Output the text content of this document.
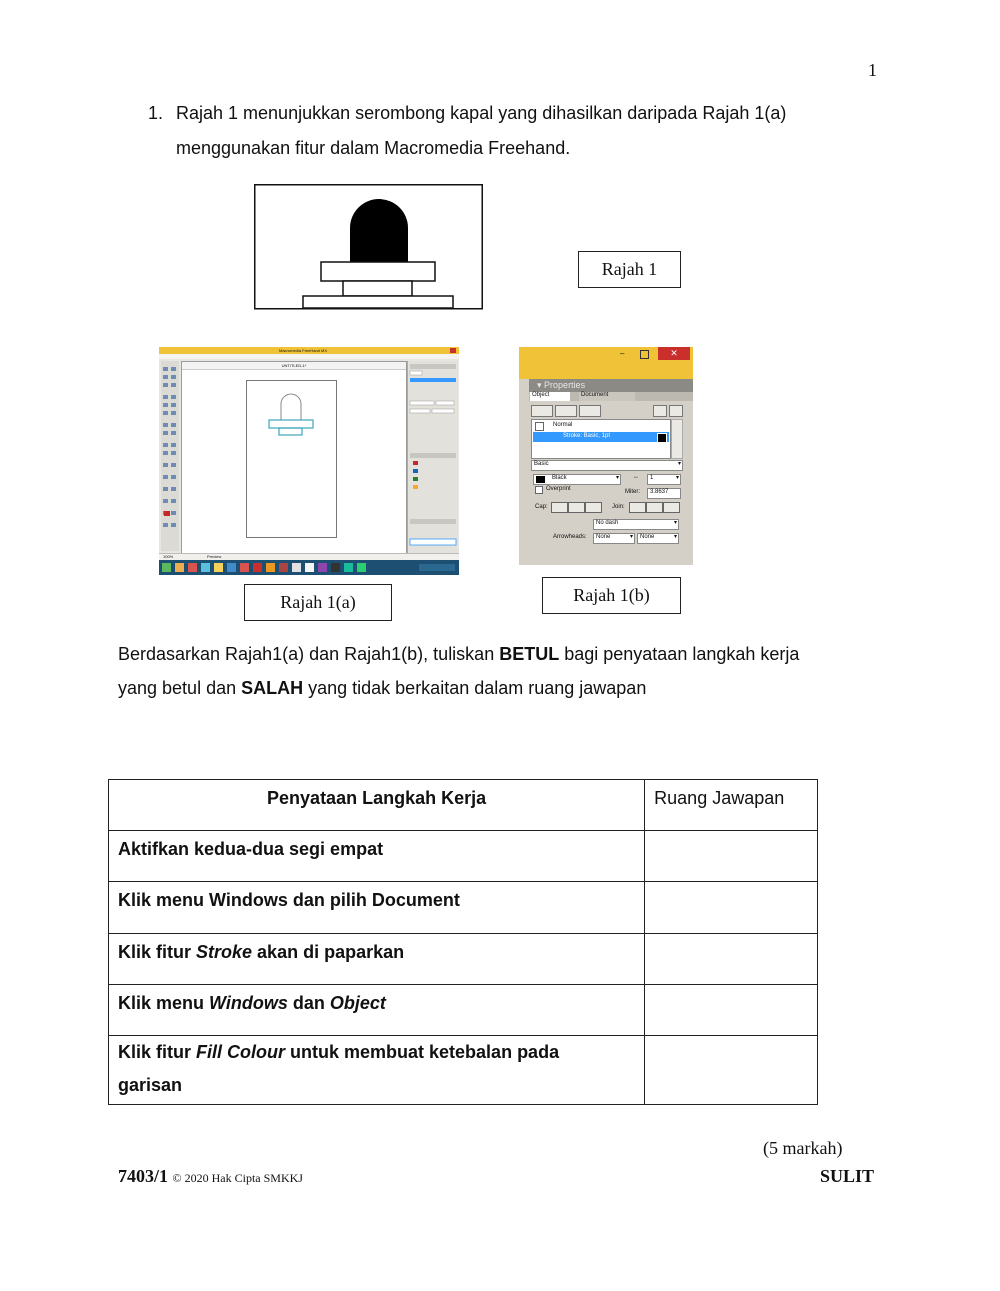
1
1. Rajah 1 menunjukkan serombong kapal yang dihasilkan daripada Rajah 1(a)
menggunakan fitur dalam Macromedia Freehand.
Rajah 1
Macromedia FreeHand MX
UNTITLED-1*
100%	Preview
–	✕
▾ Properties
Object	Document
Normal
Stroke: Basic, 1pt
Basic	▾
Black	▾ ↔ 1	▾
Overprint	Miter: 3.8637
Cap:	Join:
No dash	▾
Arrowheads: None	▾ None	▾
Rajah 1(a)	Rajah 1(b)
Berdasarkan Rajah1(a) dan Rajah1(b), tuliskan BETUL bagi penyataan langkah kerja
yang betul dan SALAH yang tidak berkaitan dalam ruang jawapan
Penyataan Langkah Kerja	Ruang Jawapan
Aktifkan kedua-dua segi empat	
Klik menu Windows dan pilih Document	
Klik fitur Stroke akan di paparkan	
Klik menu Windows dan Object	
Klik fitur Fill Colour untuk membuat ketebalan pada
garisan	
(5 markah)
7403/1 © 2020 Hak Cipta SMKKJ	SULIT
